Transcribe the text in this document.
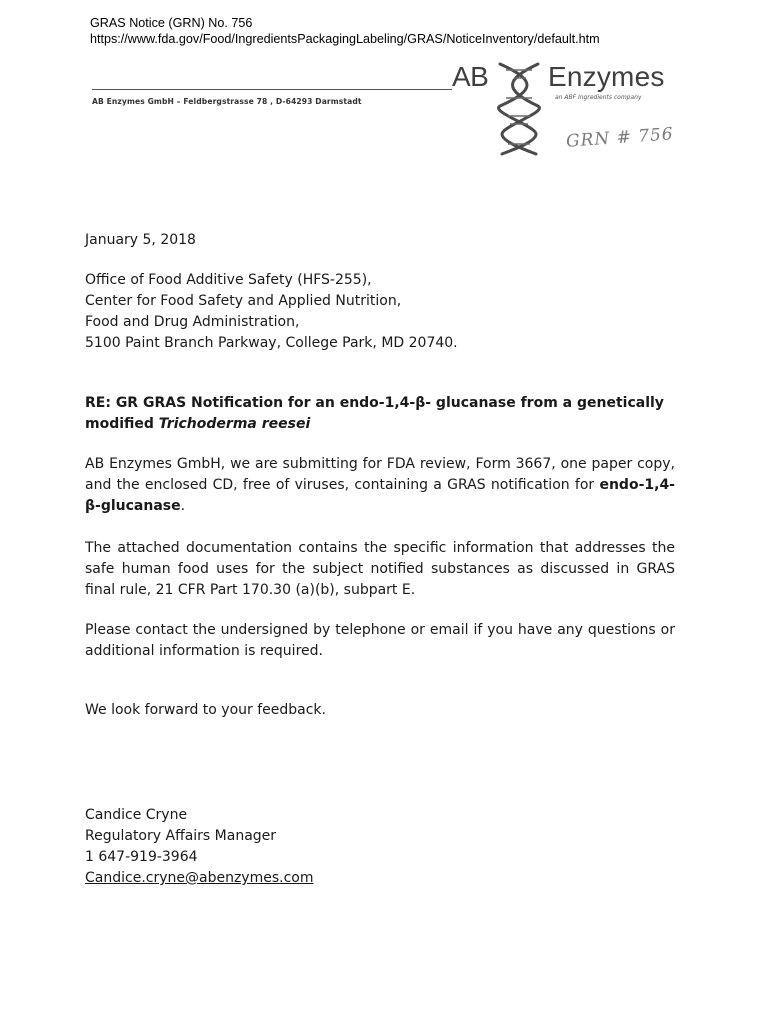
GRAS Notice (GRN) No. 756
https://www.fda.gov/Food/IngredientsPackagingLabeling/GRAS/NoticeInventory/default.htm
AB Enzymes GmbH – Feldbergstrasse 78 , D-64293 Darmstadt
AB Enzymes
an ABF Ingredients company
GRN # 756
January 5, 2018
Office of Food Additive Safety (HFS-255),
Center for Food Safety and Applied Nutrition,
Food and Drug Administration,
5100 Paint Branch Parkway, College Park, MD 20740.
RE: GR GRAS Notification for an endo-1,4-β- glucanase from a genetically modified Trichoderma reesei
AB Enzymes GmbH, we are submitting for FDA review, Form 3667, one paper copy, and the enclosed CD, free of viruses, containing a GRAS notification for endo-1,4-β-glucanase.
The attached documentation contains the specific information that addresses the safe human food uses for the subject notified substances as discussed in GRAS final rule, 21 CFR Part 170.30 (a)(b), subpart E.
Please contact the undersigned by telephone or email if you have any questions or additional information is required.
We look forward to your feedback.
Candice Cryne
Regulatory Affairs Manager
1 647-919-3964
Candice.cryne@abenzymes.com
